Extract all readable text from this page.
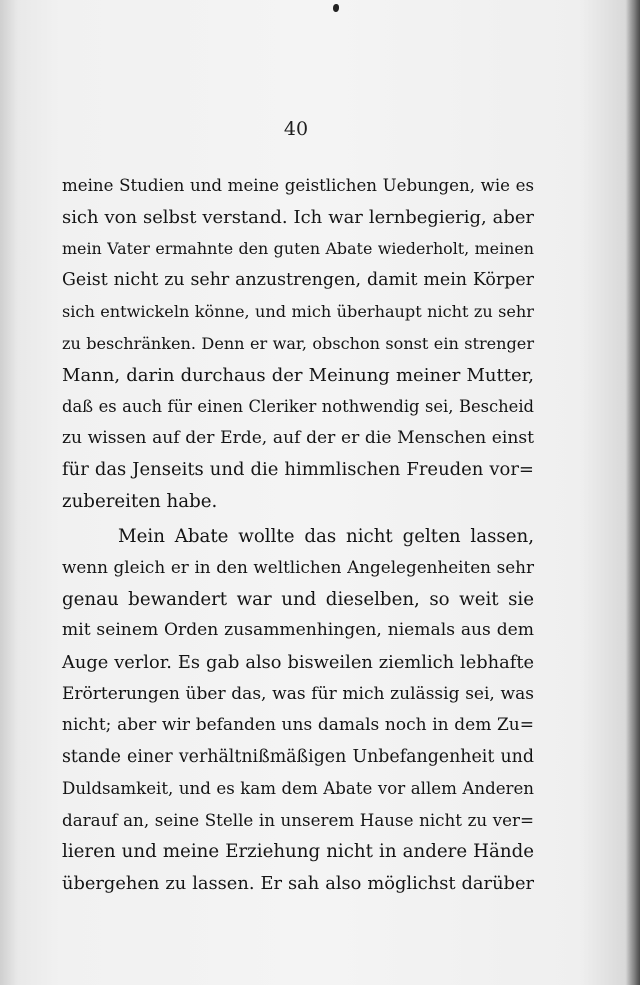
40
meine Studien und meine geistlichen Uebungen, wie es
sich von selbst verstand. Ich war lernbegierig, aber
mein Vater ermahnte den guten Abate wiederholt, meinen
Geist nicht zu sehr anzustrengen, damit mein Körper
sich entwickeln könne, und mich überhaupt nicht zu sehr
zu beschränken. Denn er war, obschon sonst ein strenger
Mann, darin durchaus der Meinung meiner Mutter,
daß es auch für einen Cleriker nothwendig sei, Bescheid
zu wissen auf der Erde, auf der er die Menschen einst
für das Jenseits und die himmlischen Freuden vor=
zubereiten habe.
Mein Abate wollte das nicht gelten lassen,
wenn gleich er in den weltlichen Angelegenheiten sehr
genau bewandert war und dieselben, so weit sie
mit seinem Orden zusammenhingen, niemals aus dem
Auge verlor. Es gab also bisweilen ziemlich lebhafte
Erörterungen über das, was für mich zulässig sei, was
nicht; aber wir befanden uns damals noch in dem Zu=
stande einer verhältnißmäßigen Unbefangenheit und
Duldsamkeit, und es kam dem Abate vor allem Anderen
darauf an, seine Stelle in unserem Hause nicht zu ver=
lieren und meine Erziehung nicht in andere Hände
übergehen zu lassen. Er sah also möglichst darüber
